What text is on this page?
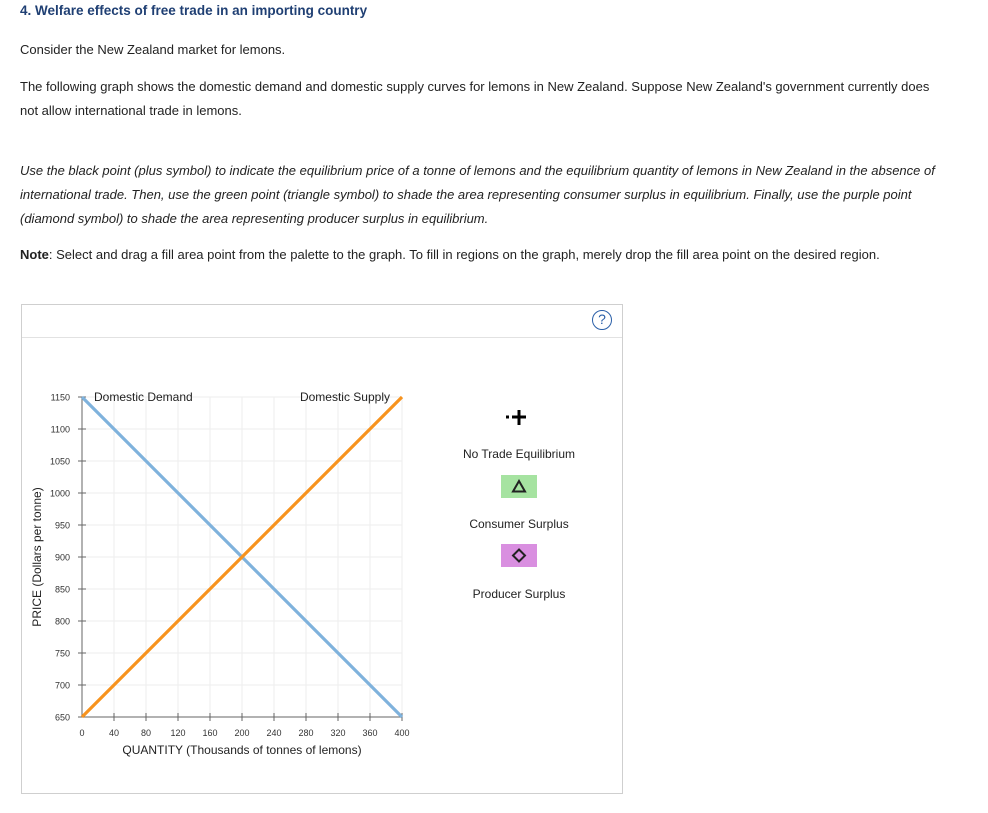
4. Welfare effects of free trade in an importing country

Consider the New Zealand market for lemons.

The following graph shows the domestic demand and domestic supply curves for lemons in New Zealand. Suppose New Zealand's government currently does not allow international trade in lemons.

Use the black point (plus symbol) to indicate the equilibrium price of a tonne of lemons and the equilibrium quantity of lemons in New Zealand in the absence of international trade. Then, use the green point (triangle symbol) to shade the area representing consumer surplus in equilibrium. Finally, use the purple point (diamond symbol) to shade the area representing producer surplus in equilibrium.

Note: Select and drag a fill area point from the palette to the graph. To fill in regions on the graph, merely drop the fill area point on the desired region.

?
650
700
750
800
850
900
950
1000
1050
1100
1150
0	40 80 120 160 200 240 280 320 360 400
Domestic Demand	Domestic Supply
QUANTITY (Thousands of tonnes of lemons)
PRICE (Dollars per tonne)
No Trade Equilibrium
Consumer Surplus
Producer Surplus
